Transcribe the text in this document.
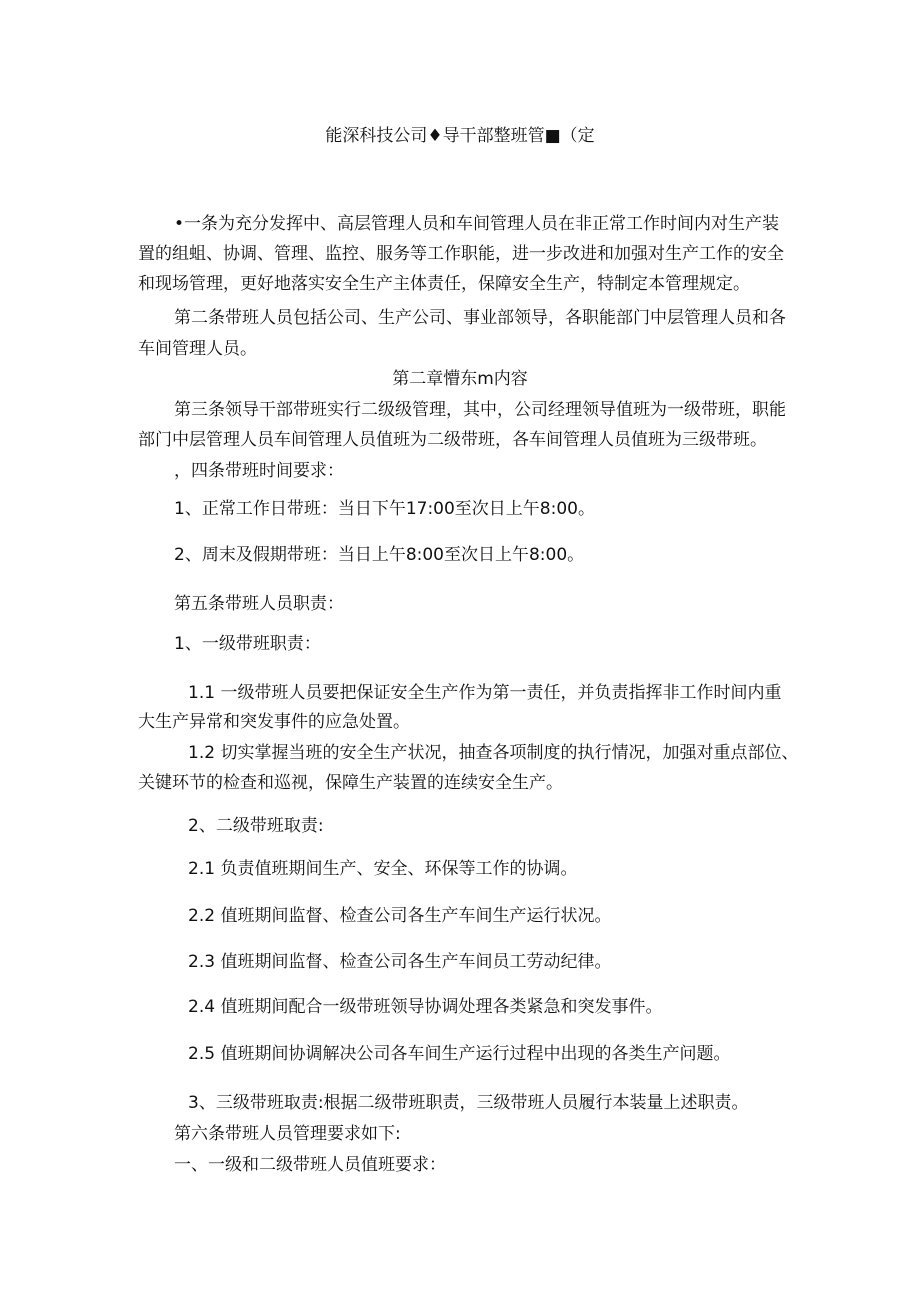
能深科技公司♦导干部整班管■（定
•一条为充分发挥中、高层管理人员和车间管理人员在非正常工作时间内对生产装
置的组蛆、协调、管理、监控、服务等工作职能，进一步改进和加强对生产工作的安全
和现场管理，更好地落实安全生产主体责任，保障安全生产，特制定本管理规定。
第二条带班人员包括公司、生产公司、事业部领导，各职能部门中层管理人员和各
车间管理人员。
第二章懵东m内容
第三条领导干部带班实行二级级管理，其中，公司经理领导值班为一级带班，职能
部门中层管理人员车间管理人员值班为二级带班，各车间管理人员值班为三级带班。
，四条带班时间要求：
1、正常工作日带班：当日下午17:00至次日上午8:00。
2、周末及假期带班：当日上午8:00至次日上午8:00。
第五条带班人员职责：
1、一级带班职责：
1.1 一级带班人员要把保证安全生产作为第一责任，并负责指挥非工作时间内重
大生产异常和突发事件的应急处置。
1.2 切实掌握当班的安全生产状况，抽查各项制度的执行情况，加强对重点部位、
关键环节的检查和巡视，保障生产装置的连续安全生产。
2、二级带班取责:
2.1 负责值班期间生产、安全、环保等工作的协调。
2.2 值班期间监督、检查公司各生产车间生产运行状况。
2.3 值班期间监督、检查公司各生产车间员工劳动纪律。
2.4 值班期间配合一级带班领导协调处理各类紧急和突发事件。
2.5 值班期间协调解决公司各车间生产运行过程中出现的各类生产问题。
3、三级带班取责:根据二级带班职责，三级带班人员履行本装量上述职责。
第六条带班人员管理要求如下:
一、一级和二级带班人员值班要求：
